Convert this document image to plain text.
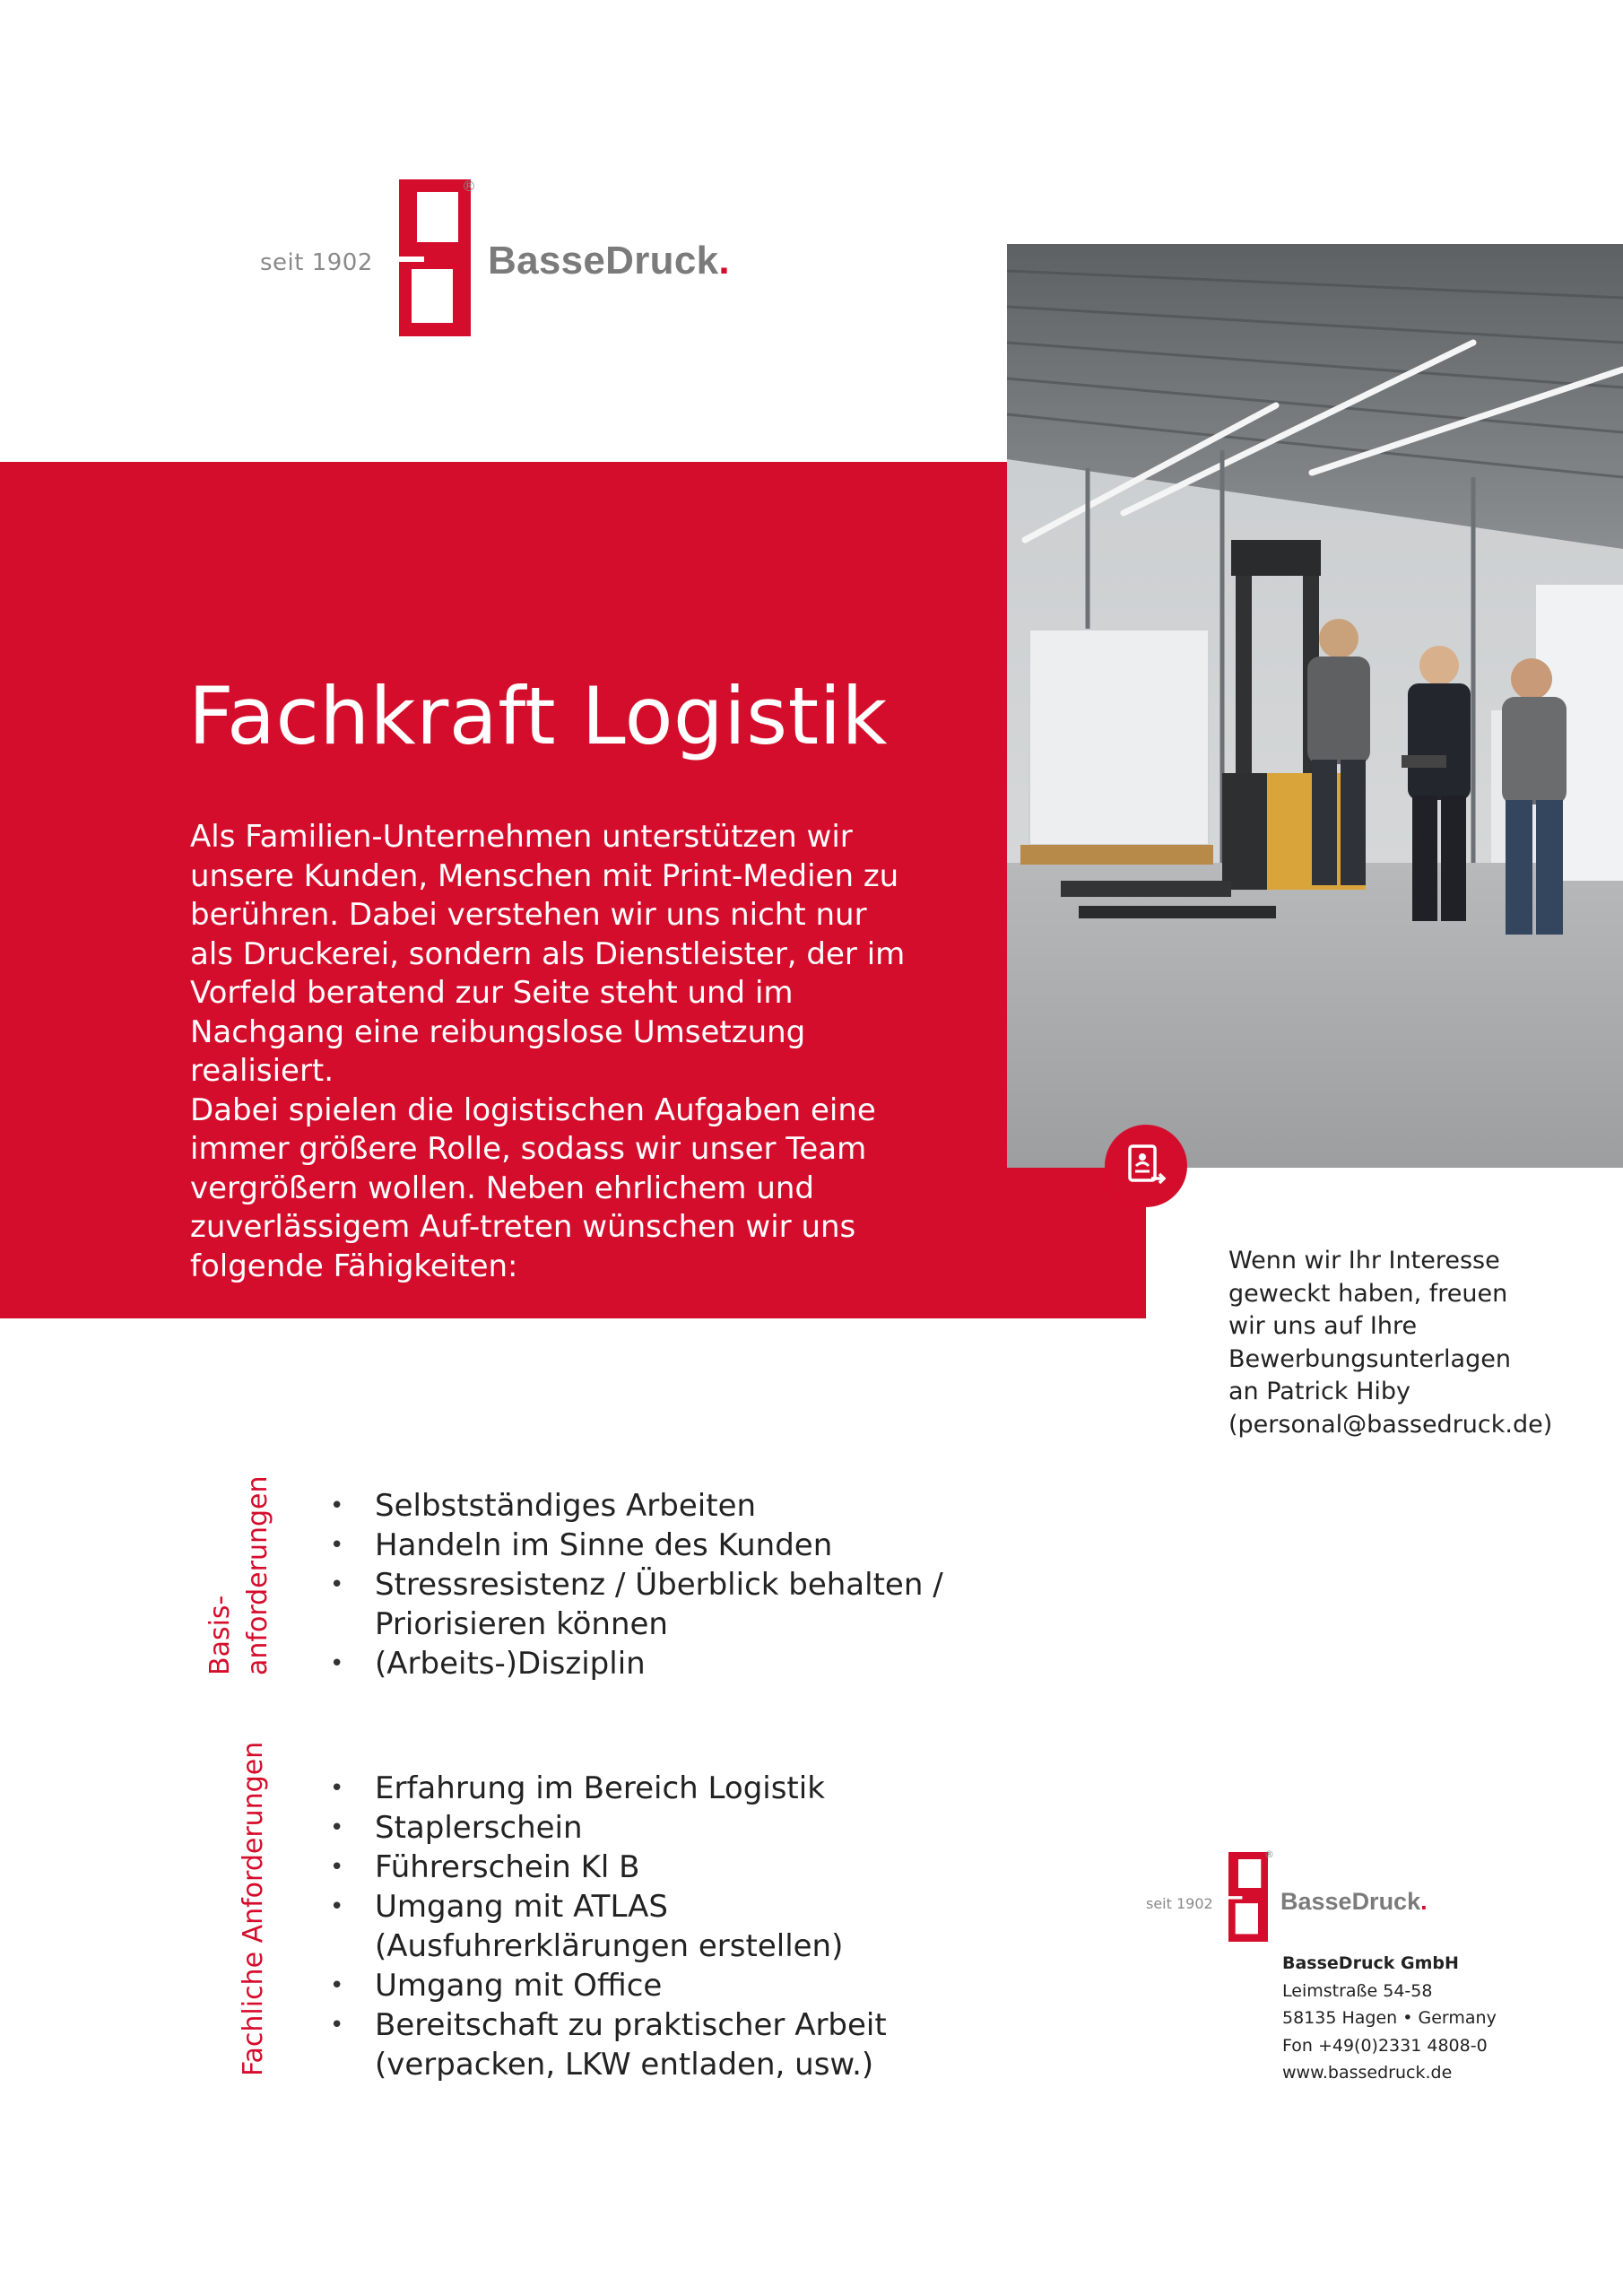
seit 1902
®
BasseDruck.
Fachkraft Logistik

Als Familien-Unternehmen unterstützen wir unsere Kunden, Menschen mit Print-Medien zu berühren. Dabei verstehen wir uns nicht nur als Druckerei, sondern als Dienstleister, der im Vorfeld beratend zur Seite steht und im Nachgang eine reibungslose Umsetzung realisiert.

Dabei spielen die logistischen Aufgaben eine immer größere Rolle, sodass wir unser Team vergrößern wollen. Neben ehrlichem und zuverlässigem Auf-treten wünschen wir uns folgende Fähigkeiten:	Wenn wir Ihr Interesse
geweckt haben, freuen
wir uns auf Ihre
Bewerbungsunterlagen
an Patrick Hiby
(personal@bassedruck.de)
Basis- anforderungen
Fachliche Anforderungen
• Selbstständiges Arbeiten
• Handeln im Sinne des Kunden
• Stressresistenz / Überblick behalten /
Priorisieren können
• (Arbeits-)Disziplin
• Erfahrung im Bereich Logistik
• Staplerschein
• Führerschein Kl B
• Umgang mit ATLAS
(Ausfuhrerklärungen erstellen)
• Umgang mit Office
• Bereitschaft zu praktischer Arbeit
(verpacken, LKW entladen, usw.)
seit 1902
®
BasseDruck.
BasseDruck GmbH
Leimstraße 54-58
58135 Hagen • Germany
Fon +49(0)2331 4808-0
www.bassedruck.de
